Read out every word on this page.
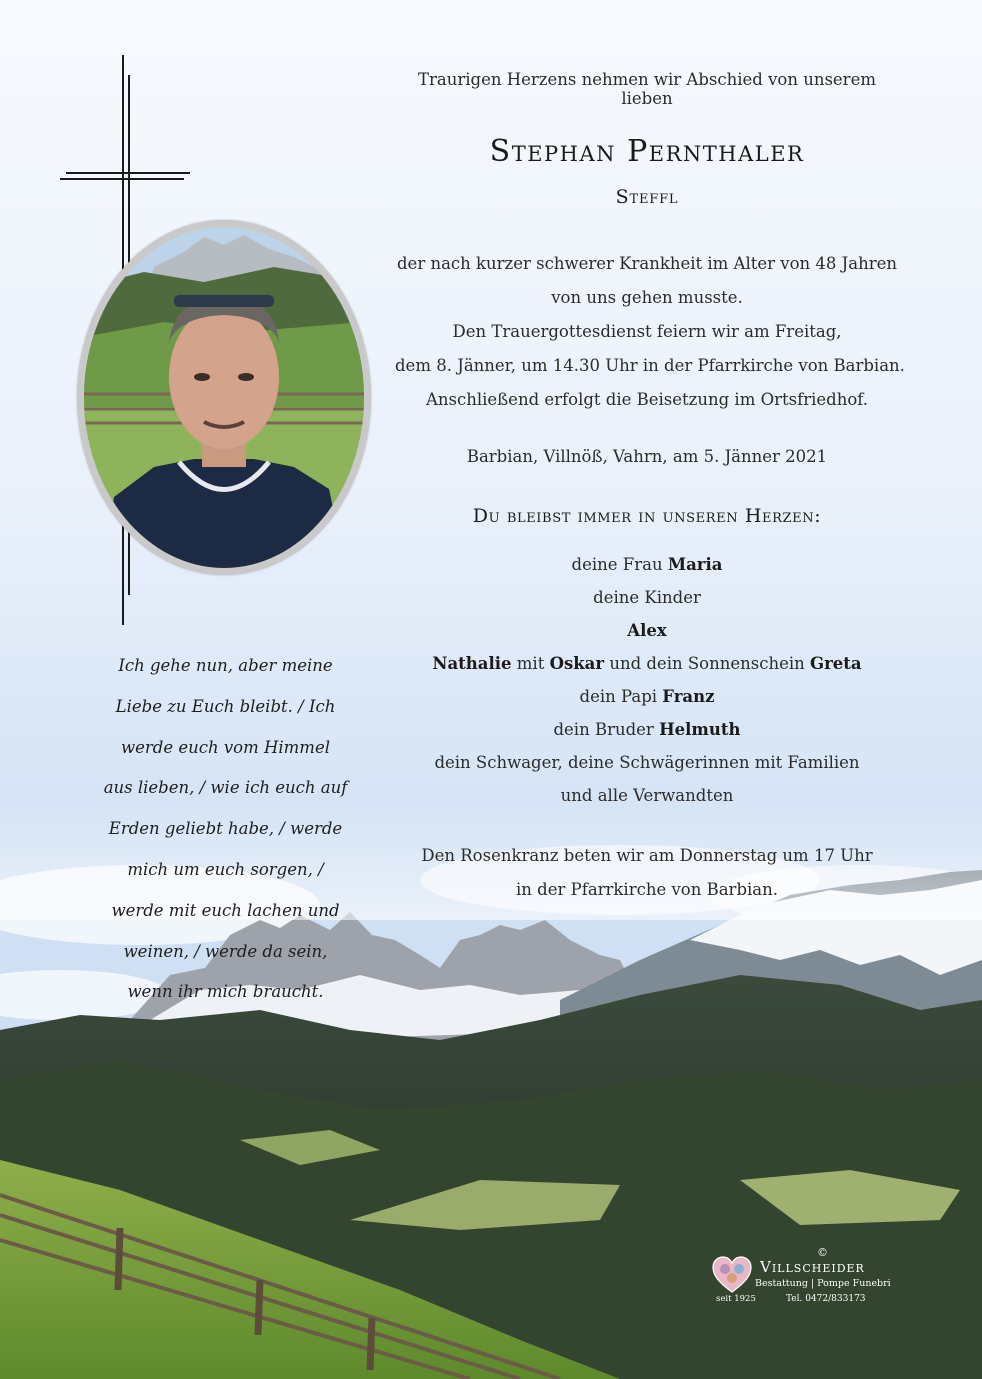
Traurigen Herzens nehmen wir Abschied von unserem lieben
Stephan Pernthaler
Steffl
der nach kurzer schwerer Krankheit im Alter von 48 Jahren
von uns gehen musste.
Den Trauergottesdienst feiern wir am Freitag,
dem 8. Jänner, um 14.30 Uhr in der Pfarrkirche von Barbian.
Anschließend erfolgt die Beisetzung im Ortsfriedhof.
Barbian, Villnöß, Vahrn, am 5. Jänner 2021
Du bleibst immer in unseren Herzen:
deine Frau Maria
deine Kinder
Alex
Nathalie mit Oskar und dein Sonnenschein Greta
dein Papi Franz
dein Bruder Helmuth
dein Schwager, deine Schwägerinnen mit Familien
und alle Verwandten
Den Rosenkranz beten wir am Donnerstag um 17 Uhr
in der Pfarrkirche von Barbian.
Ich gehe nun, aber meine
Liebe zu Euch bleibt. / Ich
werde euch vom Himmel
aus lieben, / wie ich euch auf
Erden geliebt habe, / werde
mich um euch sorgen, /
werde mit euch lachen und
weinen, / werde da sein,
wenn ihr mich braucht.
©
Villscheider
Bestattung | Pompe Funebri
seit 1925	Tel. 0472/833173
